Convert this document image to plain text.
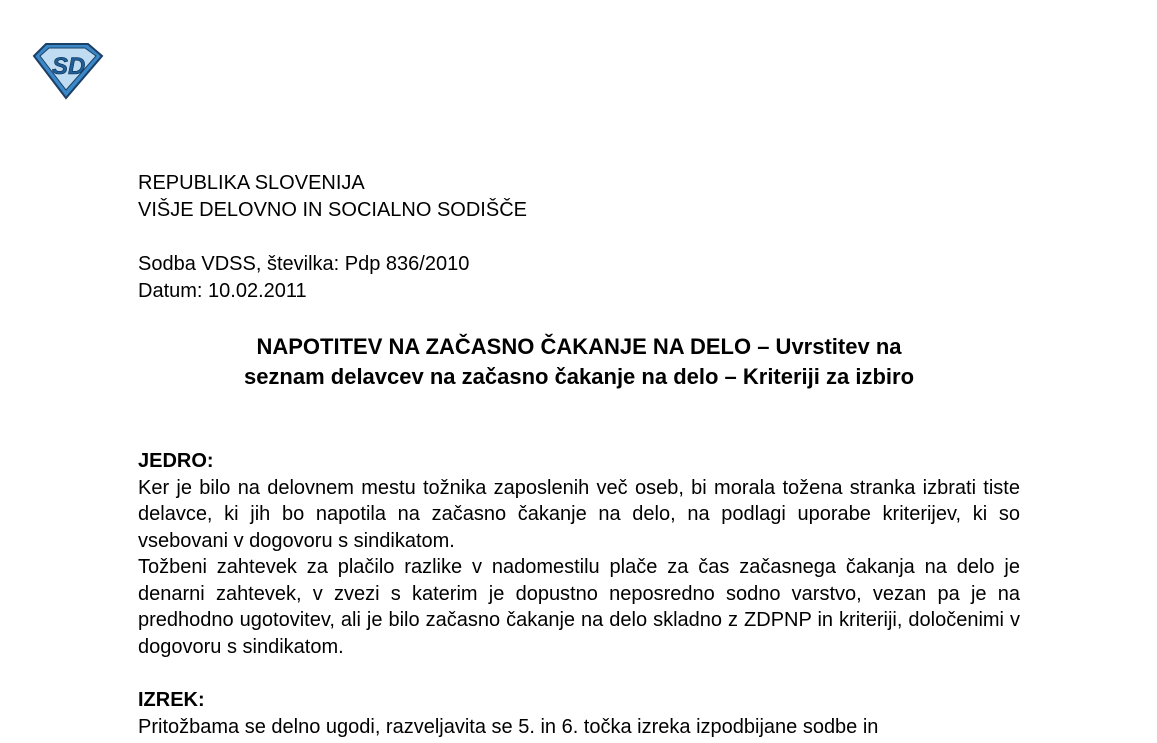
S D
REPUBLIKA SLOVENIJA
VIŠJE DELOVNO IN SOCIALNO SODIŠČE
Sodba VDSS, številka: Pdp 836/2010
Datum: 10.02.2011
NAPOTITEV NA ZAČASNO ČAKANJE NA DELO – Uvrstitev na
seznam delavcev na začasno čakanje na delo – Kriteriji za izbiro
JEDRO:
Ker je bilo na delovnem mestu tožnika zaposlenih več oseb, bi morala tožena stranka izbrati tiste delavce, ki jih bo napotila na začasno čakanje na delo, na podlagi uporabe kriterijev, ki so vsebovani v dogovoru s sindikatom.
Tožbeni zahtevek za plačilo razlike v nadomestilu plače za čas začasnega čakanja na delo je denarni zahtevek, v zvezi s katerim je dopustno neposredno sodno varstvo, vezan pa je na predhodno ugotovitev, ali je bilo začasno čakanje na delo skladno z ZDPNP in kriteriji, določenimi v dogovoru s sindikatom.
IZREK:
Pritožbama se delno ugodi, razveljavita se 5. in 6. točka izreka izpodbijane sodbe in
